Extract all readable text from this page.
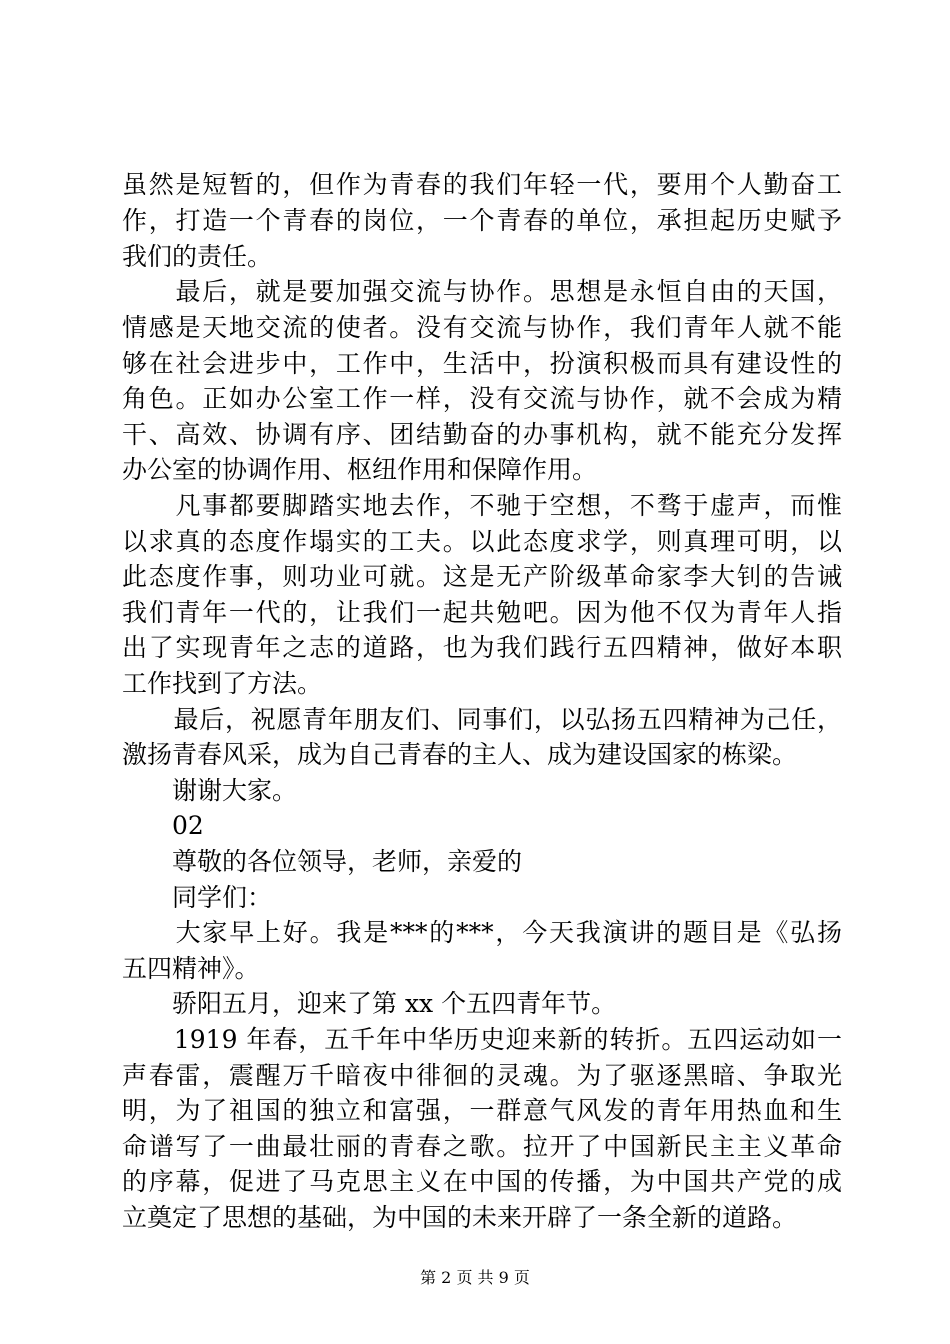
虽然是短暂的，但作为青春的我们年轻一代，要用个人勤奋工
作，打造一个青春的岗位，一个青春的单位，承担起历史赋予
我们的责任。
　　最后，就是要加强交流与协作。思想是永恒自由的天国，
情感是天地交流的使者。没有交流与协作，我们青年人就不能
够在社会进步中，工作中，生活中，扮演积极而具有建设性的
角色。正如办公室工作一样，没有交流与协作，就不会成为精
干、高效、协调有序、团结勤奋的办事机构，就不能充分发挥
办公室的协调作用、枢纽作用和保障作用。
　　凡事都要脚踏实地去作，不驰于空想，不骛于虚声，而惟
以求真的态度作塌实的工夫。以此态度求学，则真理可明，以
此态度作事，则功业可就。这是无产阶级革命家李大钊的告诫
我们青年一代的，让我们一起共勉吧。因为他不仅为青年人指
出了实现青年之志的道路，也为我们践行五四精神，做好本职
工作找到了方法。
　　最后，祝愿青年朋友们、同事们，以弘扬五四精神为己任，
激扬青春风采，成为自己青春的主人、成为建设国家的栋梁。
　　谢谢大家。
　　02
　　尊敬的各位领导，老师，亲爱的
　　同学们：
　　大家早上好。我是***的***，今天我演讲的题目是《弘扬
五四精神》。
　　骄阳五月，迎来了第 xx 个五四青年节。
　　1919 年春，五千年中华历史迎来新的转折。五四运动如一
声春雷，震醒万千暗夜中徘徊的灵魂。为了驱逐黑暗、争取光
明，为了祖国的独立和富强，一群意气风发的青年用热血和生
命谱写了一曲最壮丽的青春之歌。拉开了中国新民主主义革命
的序幕，促进了马克思主义在中国的传播，为中国共产党的成
立奠定了思想的基础，为中国的未来开辟了一条全新的道路。
第 2 页 共 9 页
